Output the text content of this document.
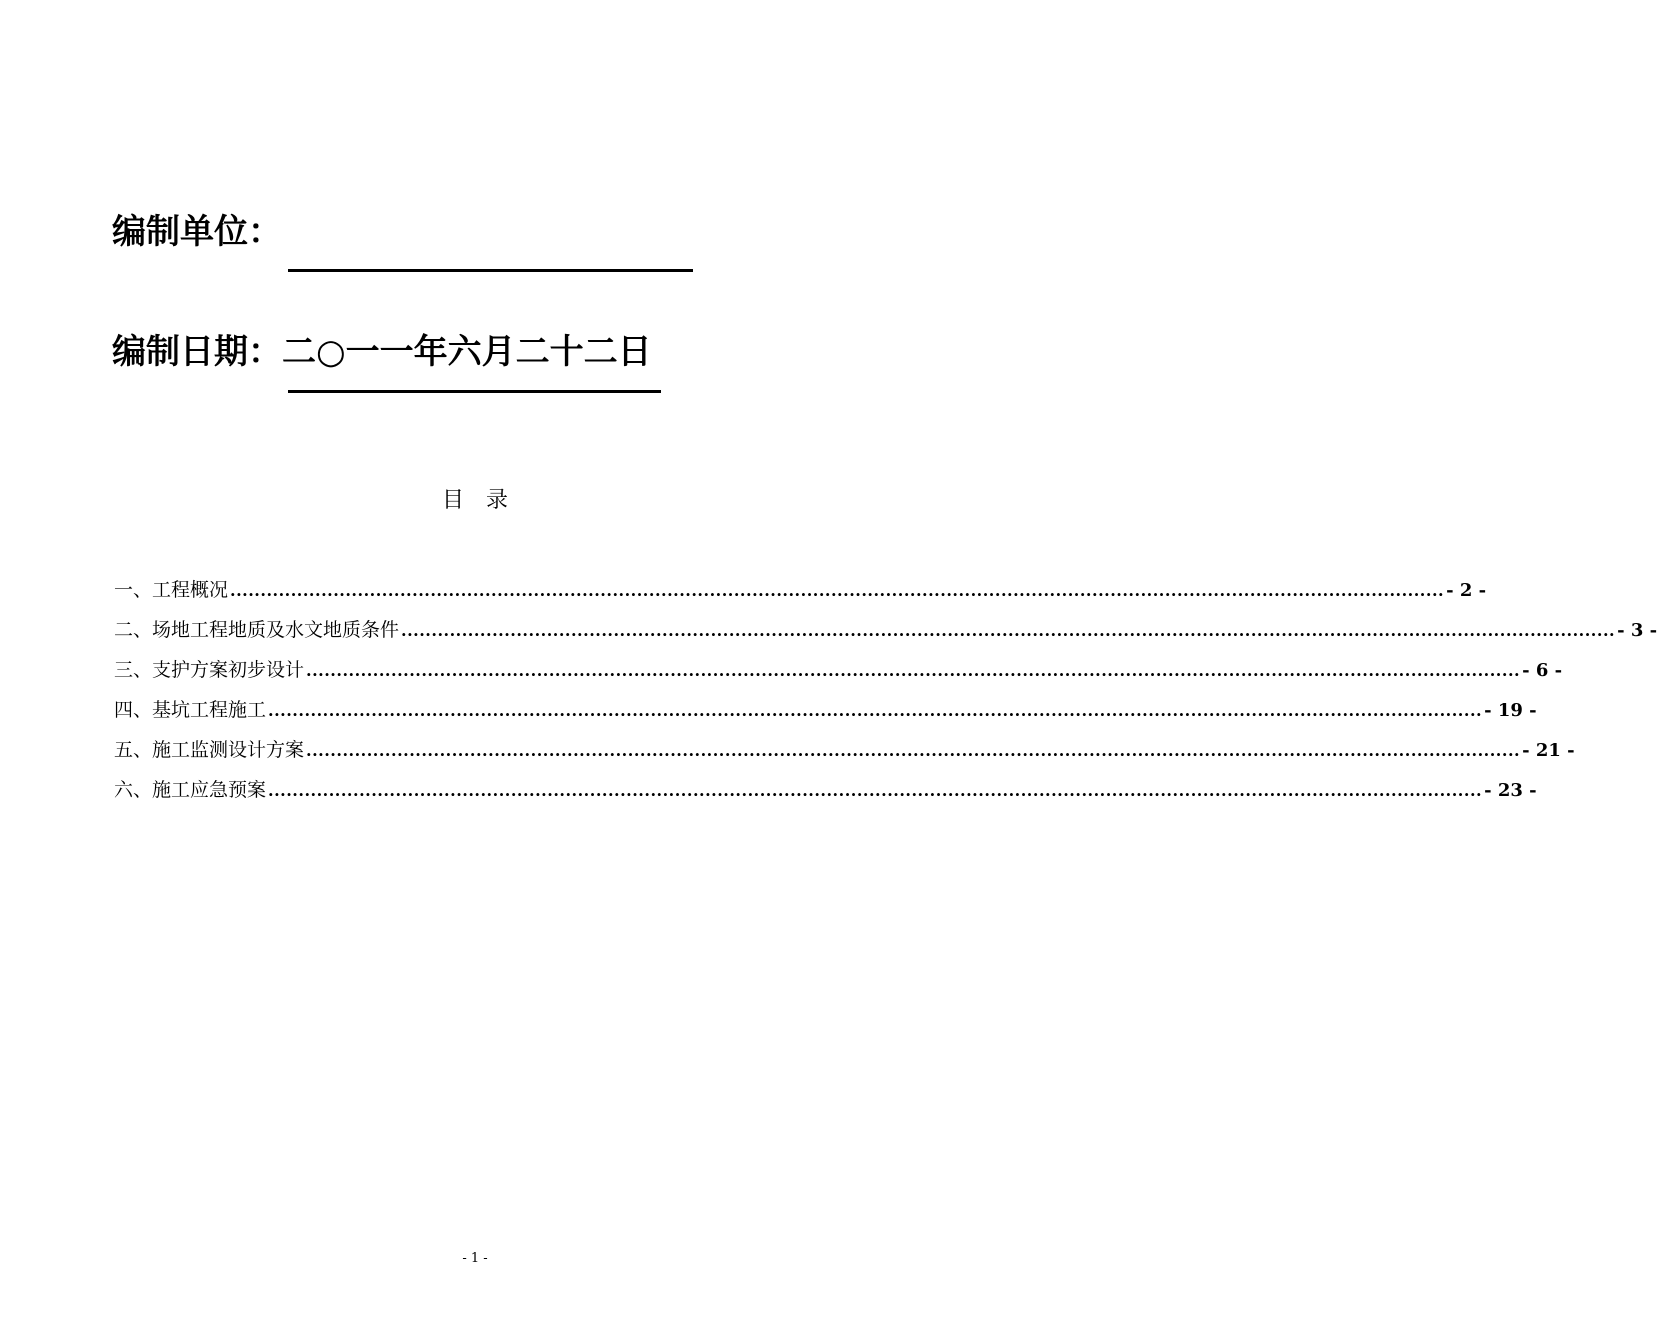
编制单位：
编制日期：二○一一年六月二十二日
目　录
一、工程概况 ........................................................................................................................................................................................................ - 2 -
二、场地工程地质及水文地质条件 ........................................................................................................................................................................................................ - 3 -
三、支护方案初步设计 ........................................................................................................................................................................................................ - 6 -
四、基坑工程施工 ........................................................................................................................................................................................................ - 19 -
五、施工监测设计方案 ........................................................................................................................................................................................................ - 21 -
六、施工应急预案 ........................................................................................................................................................................................................ - 23 -
- 1 -
